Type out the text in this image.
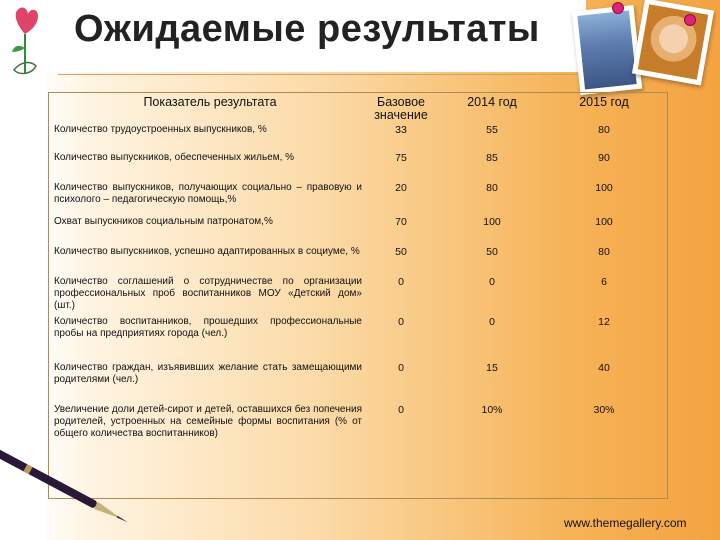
Ожидаемые результаты
Показатель результата	Базовое значение	2014 год	2015 год
Количество трудоустроенных выпускников, %	33	55	80
Количество выпускников, обеспеченных жильем, %	75	85	90
Количество выпускников, получающих социально – правовую и психолого – педагогическую помощь,%	20	80	100
Охват выпускников социальным патронатом,%	70	100	100
Количество выпускников, успешно адаптированных в социуме, %	50	50	80
Количество соглашений о сотрудничестве по организации профессиональных проб воспитанников МОУ «Детский дом» (шт.)	0	0	6
Количество воспитанников, прошедших профессиональные пробы на предприятиях города (чел.)	0	0	12
Количество граждан, изъявивших желание стать замещающими родителями (чел.)	0	15	40
Увеличение доли детей-сирот и детей, оставшихся без попечения родителей, устроенных на семейные формы воспитания (% от общего количества воспитанников)	0	10%	30%
www.themegallery.com
